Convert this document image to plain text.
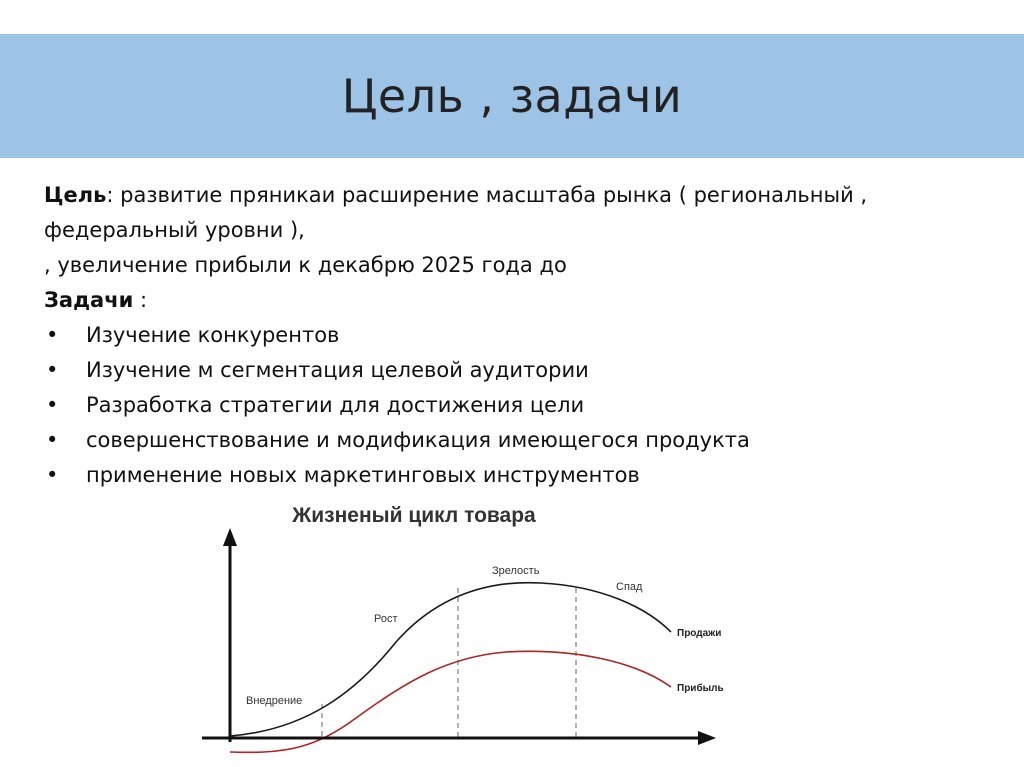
Цель , задачи

Цель: развитие пряникаи расширение масштаба рынка ( региональный ,

федеральный уровни ),

, увеличение прибыли к декабрю 2025 года до

Задачи :

• Изучение конкурентов
• Изучение м сегментация целевой аудитории
• Разработка стратегии для достижения цели
• совершенствование и модификация имеющегося продукта
• применение новых маркетинговых инструментов
Жизненый цикл товара
Внедрение
Рост
Зрелость
Спад
Продажи
Прибыль
